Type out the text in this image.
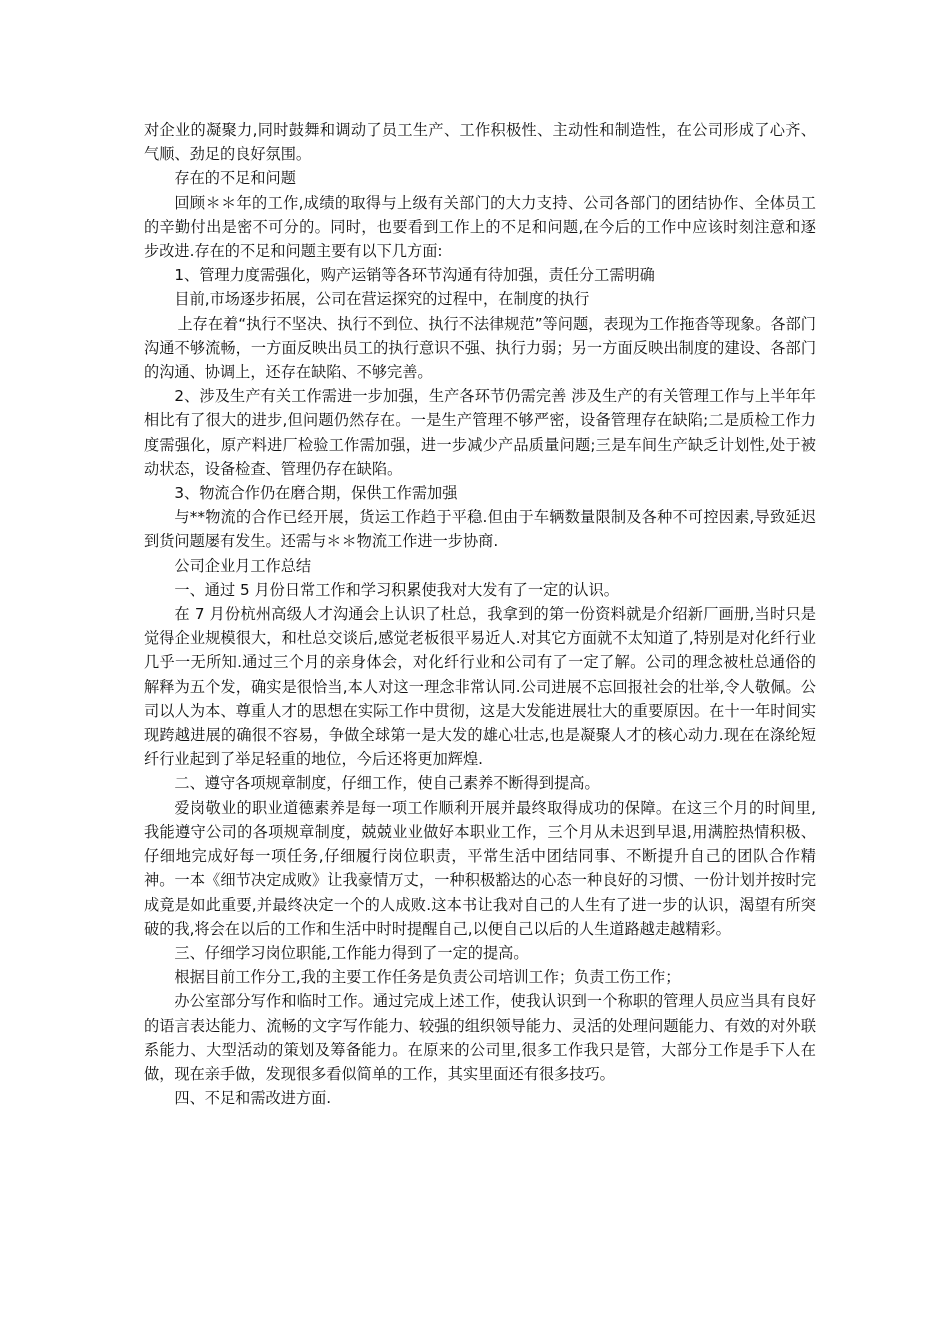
对企业的凝聚力,同时鼓舞和调动了员工生产、工作积极性、主动性和制造性，在公司形成了心齐、气顺、劲足的良好氛围。

存在的不足和问题

回顾＊＊年的工作,成绩的取得与上级有关部门的大力支持、公司各部门的团结协作、全体员工的辛勤付出是密不可分的。同时，也要看到工作上的不足和问题,在今后的工作中应该时刻注意和逐步改进.存在的不足和问题主要有以下几方面:

1、管理力度需强化，购产运销等各环节沟通有待加强，责任分工需明确

目前,市场逐步拓展，公司在营运探究的过程中，在制度的执行

上存在着“执行不坚决、执行不到位、执行不法律规范”等问题，表现为工作拖沓等现象。各部门沟通不够流畅，一方面反映出员工的执行意识不强、执行力弱；另一方面反映出制度的建设、各部门的沟通、协调上，还存在缺陷、不够完善。

2、涉及生产有关工作需进一步加强，生产各环节仍需完善 涉及生产的有关管理工作与上半年年相比有了很大的进步,但问题仍然存在。一是生产管理不够严密，设备管理存在缺陷;二是质检工作力度需强化，原产料进厂检验工作需加强，进一步减少产品质量问题;三是车间生产缺乏计划性,处于被动状态，设备检查、管理仍存在缺陷。

3、物流合作仍在磨合期，保供工作需加强

与**物流的合作已经开展，货运工作趋于平稳.但由于车辆数量限制及各种不可控因素,导致延迟到货问题屡有发生。还需与＊＊物流工作进一步协商.

公司企业月工作总结

一、通过 5 月份日常工作和学习积累使我对大发有了一定的认识。

在 7 月份杭州高级人才沟通会上认识了杜总，我拿到的第一份资料就是介绍新厂画册,当时只是觉得企业规模很大，和杜总交谈后,感觉老板很平易近人.对其它方面就不太知道了,特别是对化纤行业几乎一无所知.通过三个月的亲身体会，对化纤行业和公司有了一定了解。公司的理念被杜总通俗的解释为五个发，确实是很恰当,本人对这一理念非常认同.公司进展不忘回报社会的壮举,令人敬佩。公司以人为本、尊重人才的思想在实际工作中贯彻，这是大发能进展壮大的重要原因。在十一年时间实现跨越进展的确很不容易，争做全球第一是大发的雄心壮志,也是凝聚人才的核心动力.现在在涤纶短纤行业起到了举足轻重的地位，今后还将更加辉煌.

二、遵守各项规章制度，仔细工作，使自己素养不断得到提高。

爱岗敬业的职业道德素养是每一项工作顺利开展并最终取得成功的保障。在这三个月的时间里,我能遵守公司的各项规章制度，兢兢业业做好本职业工作，三个月从未迟到早退,用满腔热情积极、仔细地完成好每一项任务,仔细履行岗位职责，平常生活中团结同事、不断提升自己的团队合作精神。一本《细节决定成败》让我豪情万丈，一种积极豁达的心态一种良好的习惯、一份计划并按时完成竟是如此重要,并最终决定一个的人成败.这本书让我对自己的人生有了进一步的认识，渴望有所突破的我,将会在以后的工作和生活中时时提醒自己,以便自己以后的人生道路越走越精彩。

三、仔细学习岗位职能,工作能力得到了一定的提高。

根据目前工作分工,我的主要工作任务是负责公司培训工作；负责工伤工作；

办公室部分写作和临时工作。通过完成上述工作，使我认识到一个称职的管理人员应当具有良好的语言表达能力、流畅的文字写作能力、较强的组织领导能力、灵活的处理问题能力、有效的对外联系能力、大型活动的策划及筹备能力。在原来的公司里,很多工作我只是管，大部分工作是手下人在做，现在亲手做，发现很多看似简单的工作，其实里面还有很多技巧。

四、不足和需改进方面.
